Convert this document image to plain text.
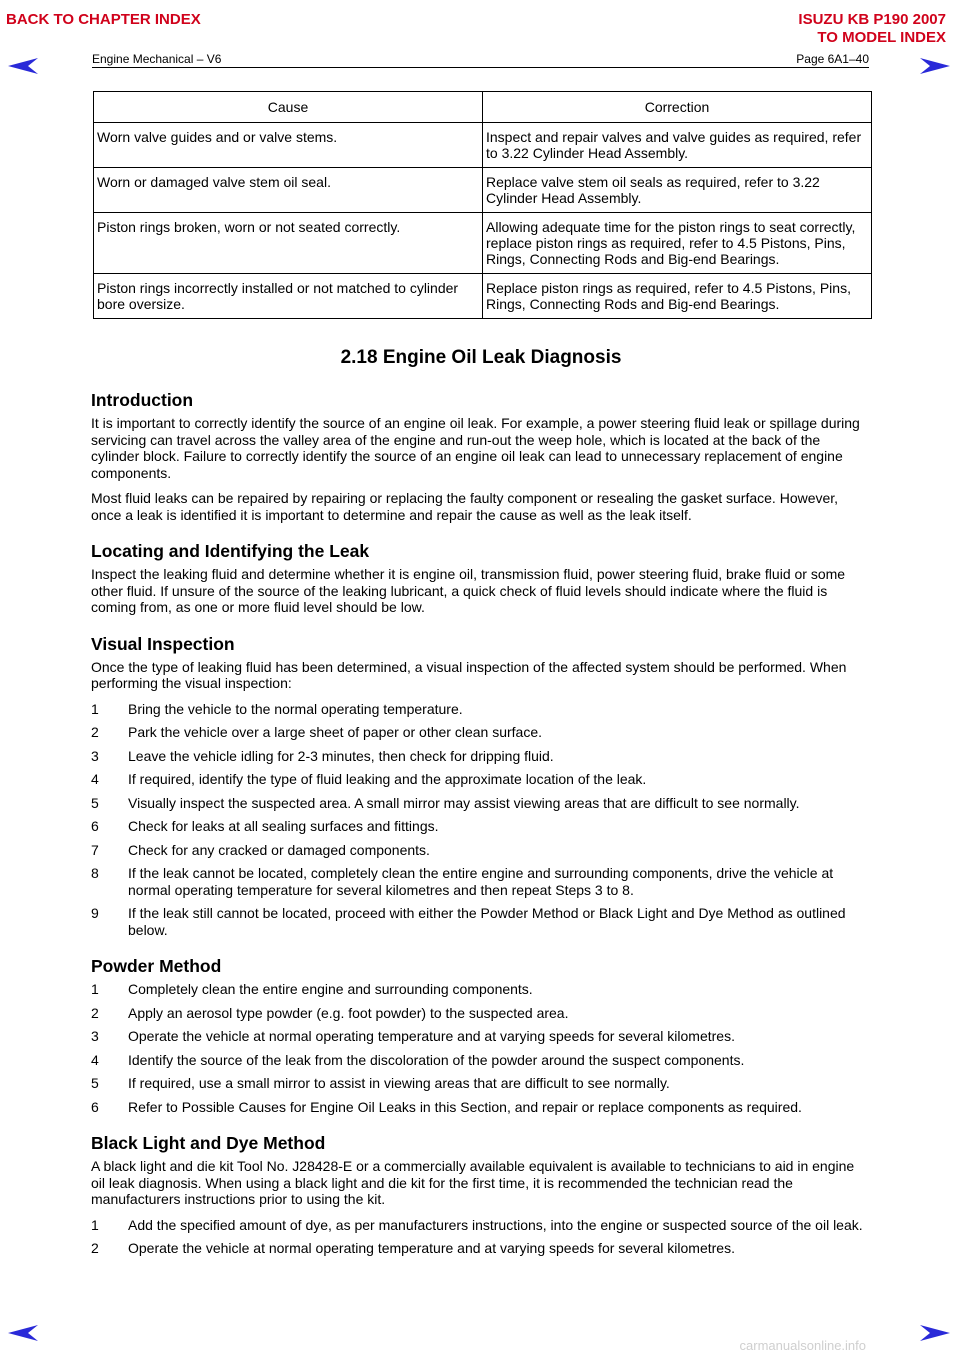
BACK TO CHAPTER INDEX	ISUZU KB P190 2007
TO MODEL INDEX
Engine Mechanical – V6	Page 6A1–40
Cause	Correction
Worn valve guides and or valve stems.	Inspect and repair valves and valve guides as required, refer to 3.22 Cylinder Head Assembly.
Worn or damaged valve stem oil seal.	Replace valve stem oil seals as required, refer to 3.22 Cylinder Head Assembly.
Piston rings broken, worn or not seated correctly.	Allowing adequate time for the piston rings to seat correctly, replace piston rings as required, refer to 4.5 Pistons, Pins, Rings, Connecting Rods and Big-end Bearings.
Piston rings incorrectly installed or not matched to cylinder bore oversize.	Replace piston rings as required, refer to 4.5 Pistons, Pins, Rings, Connecting Rods and Big-end Bearings.
2.18 Engine Oil Leak Diagnosis
Introduction

It is important to correctly identify the source of an engine oil leak. For example, a power steering fluid leak or spillage during servicing can travel across the valley area of the engine and run-out the weep hole, which is located at the back of the cylinder block. Failure to correctly identify the source of an engine oil leak can lead to unnecessary replacement of engine components.

Most fluid leaks can be repaired by repairing or replacing the faulty component or resealing the gasket surface. However, once a leak is identified it is important to determine and repair the cause as well as the leak itself.

Locating and Identifying the Leak

Inspect the leaking fluid and determine whether it is engine oil, transmission fluid, power steering fluid, brake fluid or some other fluid. If unsure of the source of the leaking lubricant, a quick check of fluid levels should indicate where the fluid is coming from, as one or more fluid level should be low.

Visual Inspection

Once the type of leaking fluid has been determined, a visual inspection of the affected system should be performed. When performing the visual inspection:

1 Bring the vehicle to the normal operating temperature.
2 Park the vehicle over a large sheet of paper or other clean surface.
3 Leave the vehicle idling for 2-3 minutes, then check for dripping fluid.
4 If required, identify the type of fluid leaking and the approximate location of the leak.
5 Visually inspect the suspected area. A small mirror may assist viewing areas that are difficult to see normally.
6 Check for leaks at all sealing surfaces and fittings.
7 Check for any cracked or damaged components.
8 If the leak cannot be located, completely clean the entire engine and surrounding components, drive the vehicle at normal operating temperature for several kilometres and then repeat Steps 3 to 8.
9 If the leak still cannot be located, proceed with either the Powder Method or Black Light and Dye Method as outlined below.
Powder Method
1 Completely clean the entire engine and surrounding components.
2 Apply an aerosol type powder (e.g. foot powder) to the suspected area.
3 Operate the vehicle at normal operating temperature and at varying speeds for several kilometres.
4 Identify the source of the leak from the discoloration of the powder around the suspect components.
5 If required, use a small mirror to assist in viewing areas that are difficult to see normally.
6 Refer to Possible Causes for Engine Oil Leaks in this Section, and repair or replace components as required.
Black Light and Dye Method

A black light and die kit Tool No. J28428-E or a commercially available equivalent is available to technicians to aid in engine oil leak diagnosis. When using a black light and die kit for the first time, it is recommended the technician read the manufacturers instructions prior to using the kit.

1 Add the specified amount of dye, as per manufacturers instructions, into the engine or suspected source of the oil leak.
2 Operate the vehicle at normal operating temperature and at varying speeds for several kilometres.
carmanualsonline.info
